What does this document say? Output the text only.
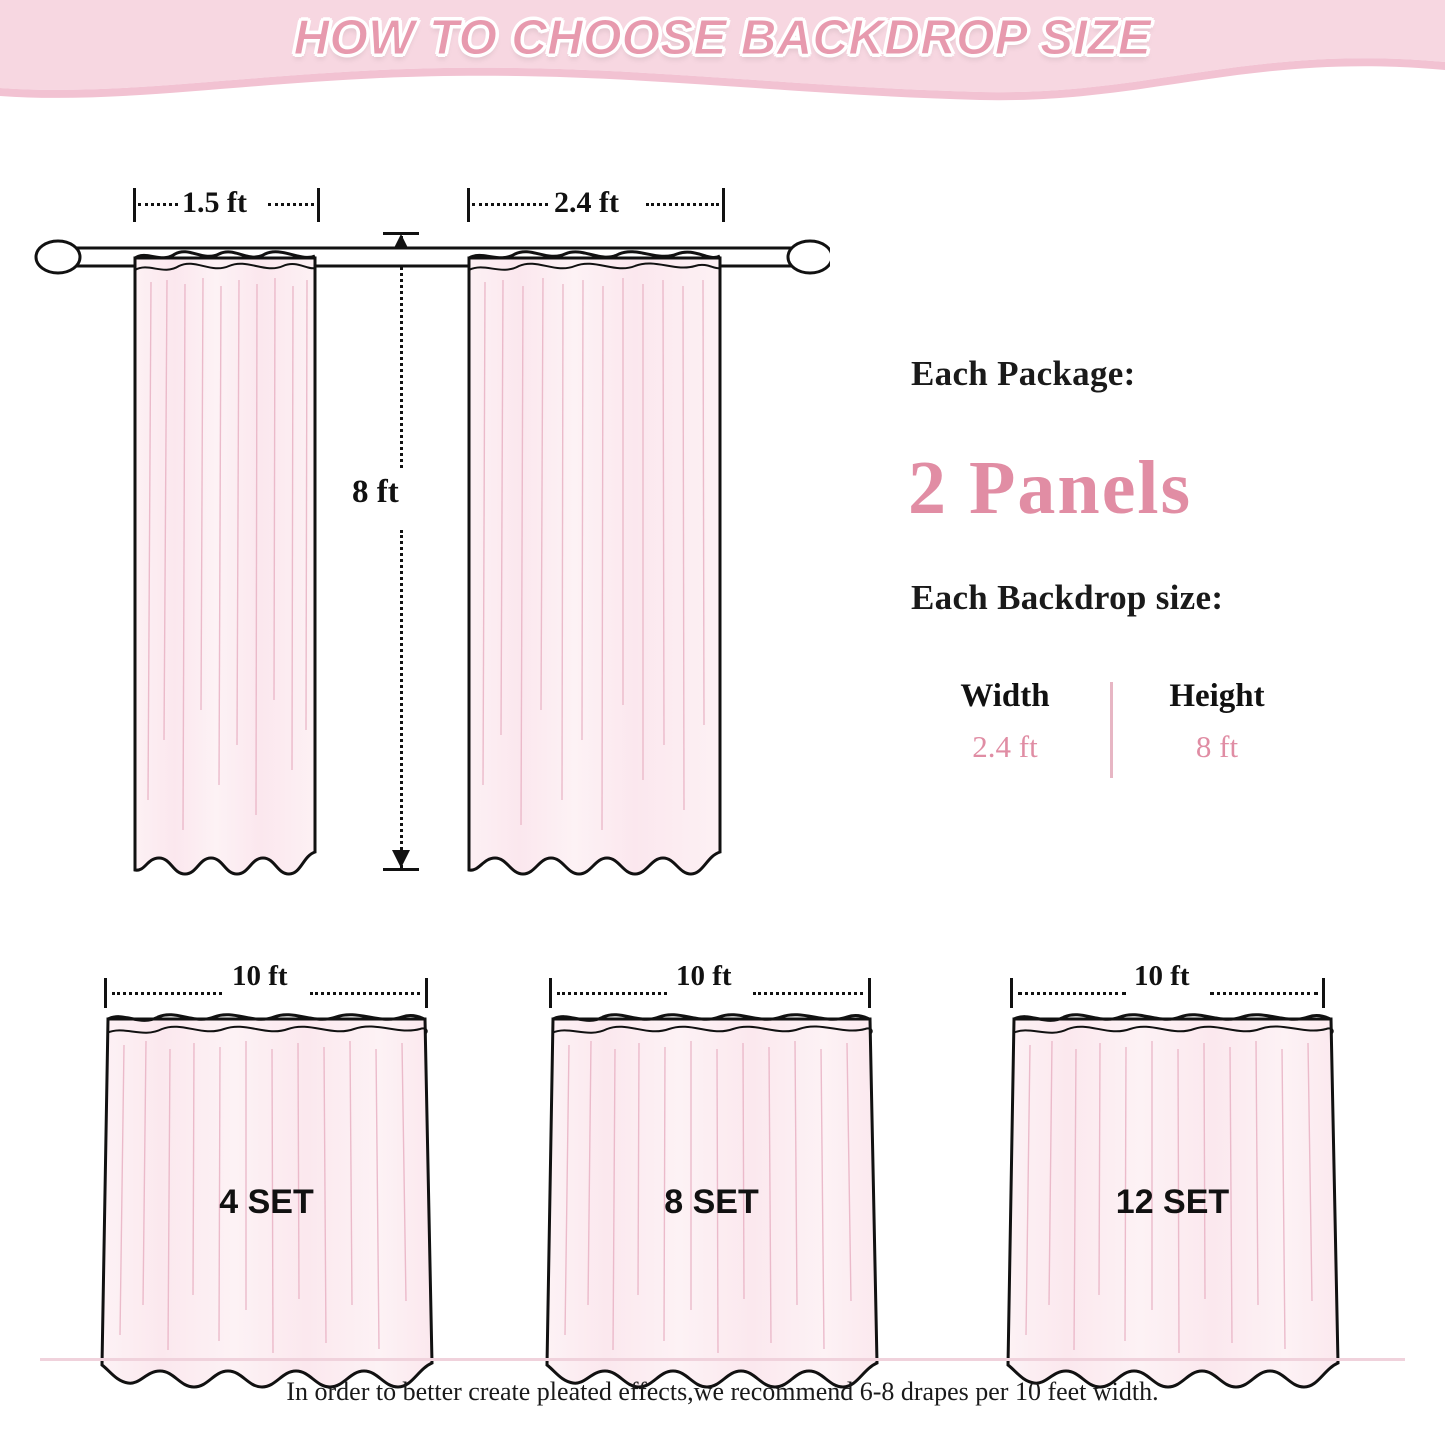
HOW TO CHOOSE BACKDROP SIZE
1.5 ft	2.4 ft
8 ft
Each Package:
2 Panels
Each Backdrop size:
Width
2.4 ft
Height
8 ft
10 ft
4 SET
10 ft
8 SET
10 ft
12 SET
In order to better create pleated effects,we recommend 6-8 drapes per 10 feet width.
